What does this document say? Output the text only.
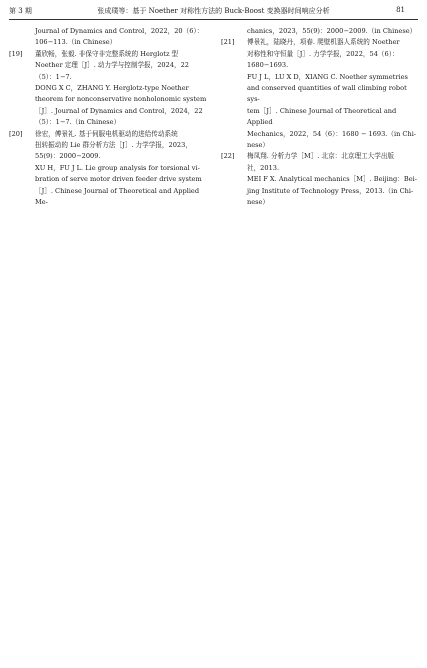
第 3 期	张成璞等：基于 Noether 对称性方法的 Buck-Boost 变换器时间响应分析	81
Journal of Dynamics and Control，2022，20（6）：
106−113.（in Chinese）
[19] 董欣畅，张毅. 非保守非完整系统的 Herglotz 型
Noether 定理［J］. 动力学与控制学报，2024，22
（5）：1−7.
DONG X C，ZHANG Y. Herglotz-type Noether
theorem for nonconservative nonholonomic system
［J］. Journal of Dynamics and Control，2024，22
（5）：1−7.（in Chinese）
[20] 徐宏，傅景礼. 基于伺服电机驱动的进给传动系统
扭转振动的 Lie 群分析方法［J］. 力学学报，2023，
55(9)：2000−2009.
XU H，FU J L. Lie group analysis for torsional vi-
bration of serve motor driven feeder drive system
［J］. Chinese Journal of Theoretical and Applied Me-
chanics，2023，55(9)：2000−2009.（in Chinese）
[21] 傅景礼，陆晓丹，项春. 爬壁机器人系统的 Noether
对称性和守恒量［J］. 力学学报，2022，54（6）：
1680−1693.
FU J L，LU X D，XIANG C. Noether symmetries
and conserved quantities of wall climbing robot sys-
tem［J］. Chinese Journal of Theoretical and Applied
Mechanics，2022，54（6）：1680 − 1693.（in Chi-
nese）
[22] 梅凤翔. 分析力学［M］. 北京：北京理工大学出版
社，2013.
MEI F X. Analytical mechanics［M］. Beijing：Bei-
jing Institute of Technology Press，2013.（in Chi-
nese）
